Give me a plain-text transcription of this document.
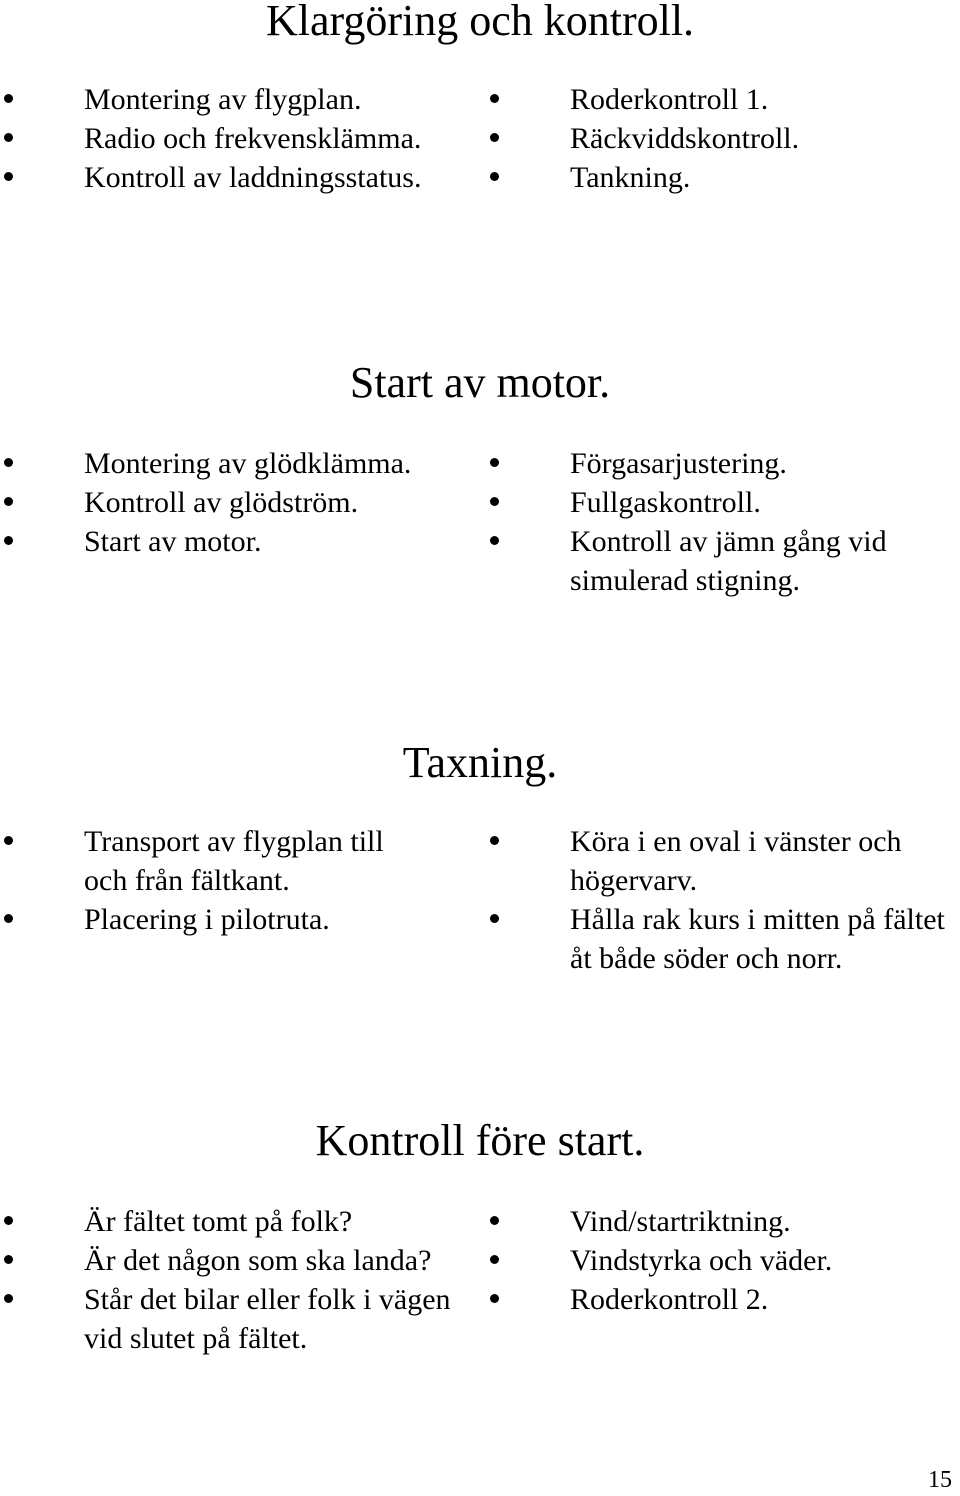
Klargöring och kontroll.
Montering av flygplan.
Radio och frekvensklämma.
Kontroll av laddningsstatus.
Roderkontroll 1.
Räckviddskontroll.
Tankning.
Start av motor.
Montering av glödklämma.
Kontroll av glödström.
Start av motor.
Förgasarjustering.
Fullgaskontroll.
Kontroll av jämn gång vid simulerad stigning.
Taxning.
Transport av flygplan till och från fältkant.
Placering i pilotruta.
Köra i en oval i vänster och högervarv.
Hålla rak kurs i mitten på fältet åt både söder och norr.
Kontroll före start.
Är fältet tomt på folk?
Är det någon som ska landa?
Står det bilar eller folk i vägen vid slutet på fältet.
Vind/startriktning.
Vindstyrka och väder.
Roderkontroll 2.
15
